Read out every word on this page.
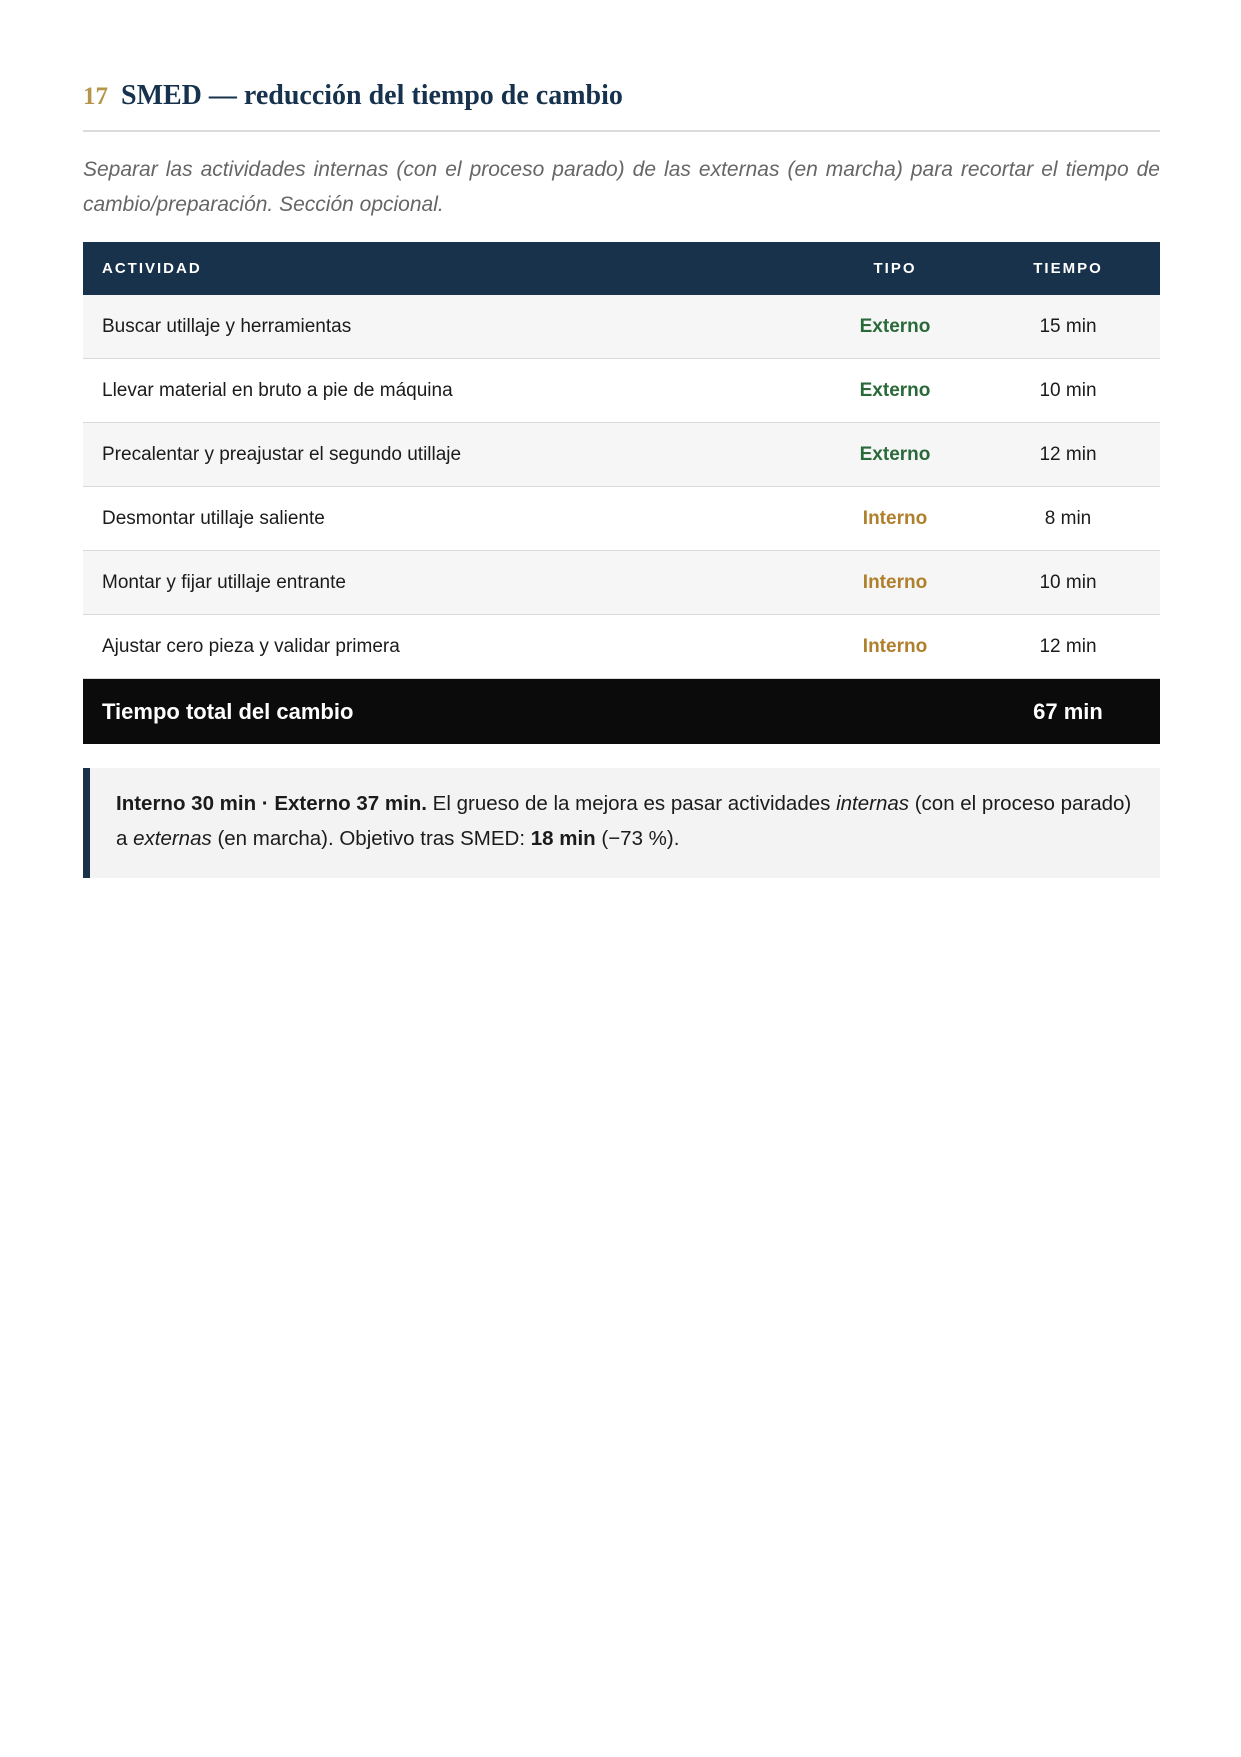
17 SMED — reducción del tiempo de cambio

Separar las actividades internas (con el proceso parado) de las externas (en marcha) para recortar el tiempo de cambio/preparación. Sección opcional.

ACTIVIDAD	TIPO	TIEMPO
Buscar utillaje y herramientas	Externo	15 min
Llevar material en bruto a pie de máquina	Externo	10 min
Precalentar y preajustar el segundo utillaje	Externo	12 min
Desmontar utillaje saliente	Interno	8 min
Montar y fijar utillaje entrante	Interno	10 min
Ajustar cero pieza y validar primera	Interno	12 min
Tiempo total del cambio		67 min
Interno 30 min · Externo 37 min. El grueso de la mejora es pasar actividades internas (con el proceso parado) a externas (en marcha). Objetivo tras SMED: 18 min (−73 %).
